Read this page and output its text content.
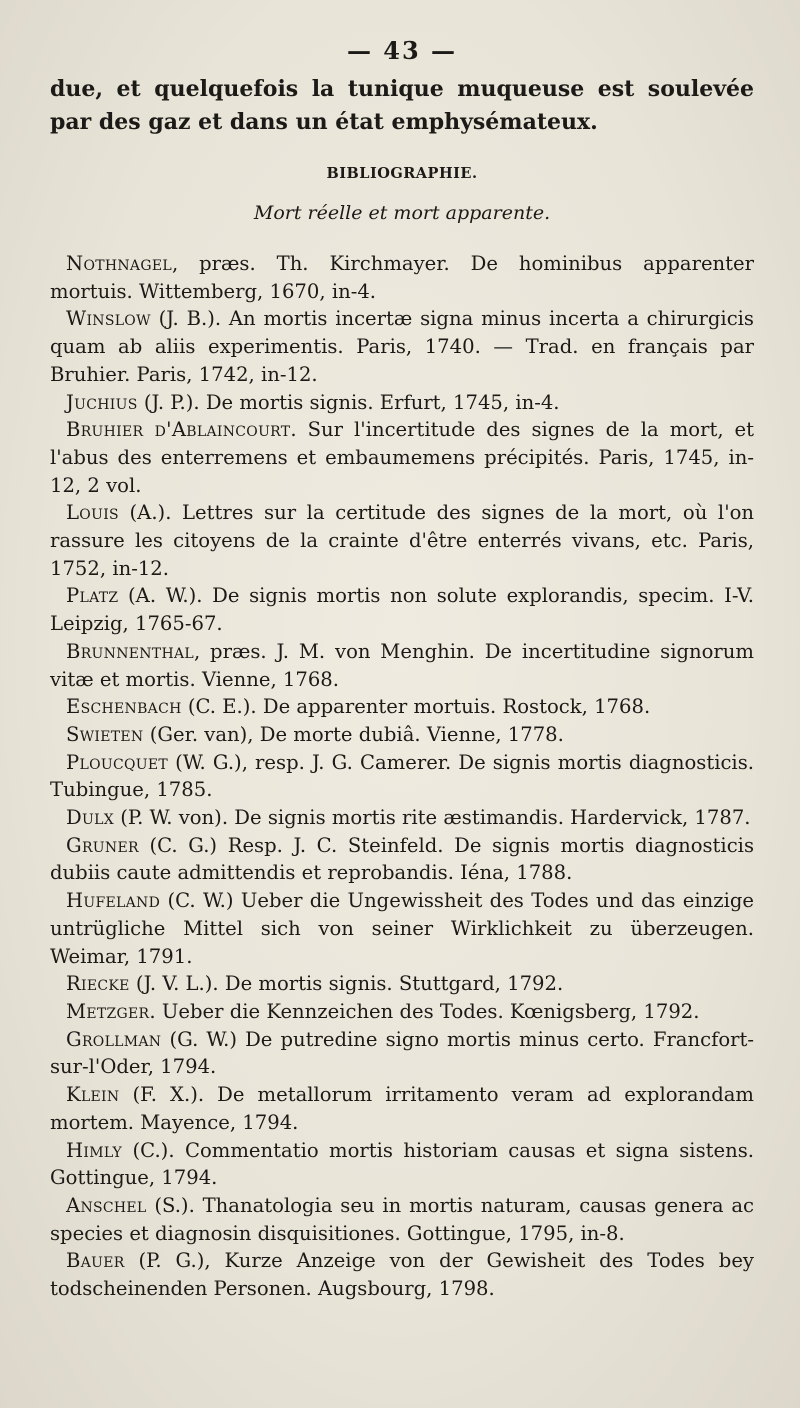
— 43 —

due, et quelquefois la tunique muqueuse est soulevée par des gaz et dans un état emphysémateux.

BIBLIOGRAPHIE.
Mort réelle et mort apparente.
Nothnagel, præs. Th. Kirchmayer. De hominibus apparenter mortuis. Wittemberg, 1670, in-4.
Winslow (J. B.). An mortis incertæ signa minus incerta a chirurgicis quam ab aliis experimentis. Paris, 1740. — Trad. en français par Bruhier. Paris, 1742, in-12.
Juchius (J. P.). De mortis signis. Erfurt, 1745, in-4.
Bruhier d'Ablaincourt. Sur l'incertitude des signes de la mort, et l'abus des enterremens et embaumemens précipités. Paris, 1745, in-12, 2 vol.
Louis (A.). Lettres sur la certitude des signes de la mort, où l'on rassure les citoyens de la crainte d'être enterrés vivans, etc. Paris, 1752, in-12.
Platz (A. W.). De signis mortis non solute explorandis, specim. I-V. Leipzig, 1765-67.
Brunnenthal, præs. J. M. von Menghin. De incertitudine signorum vitæ et mortis. Vienne, 1768.
Eschenbach (C. E.). De apparenter mortuis. Rostock, 1768.
Swieten (Ger. van), De morte dubiâ. Vienne, 1778.
Ploucquet (W. G.), resp. J. G. Camerer. De signis mortis diagnosticis. Tubingue, 1785.
Dulx (P. W. von). De signis mortis rite æstimandis. Hardervick, 1787.
Gruner (C. G.) Resp. J. C. Steinfeld. De signis mortis diagnosticis dubiis caute admittendis et reprobandis. Iéna, 1788.
Hufeland (C. W.) Ueber die Ungewissheit des Todes und das einzige untrügliche Mittel sich von seiner Wirklichkeit zu überzeugen. Weimar, 1791.
Riecke (J. V. L.). De mortis signis. Stuttgard, 1792.
Metzger. Ueber die Kennzeichen des Todes. Kœnigsberg, 1792.
Grollman (G. W.) De putredine signo mortis minus certo. Francfort-sur-l'Oder, 1794.
Klein (F. X.). De metallorum irritamento veram ad explorandam mortem. Mayence, 1794.
Himly (C.). Commentatio mortis historiam causas et signa sistens. Gottingue, 1794.
Anschel (S.). Thanatologia seu in mortis naturam, causas genera ac species et diagnosin disquisitiones. Gottingue, 1795, in-8.
Bauer (P. G.), Kurze Anzeige von der Gewisheit des Todes bey todscheinenden Personen. Augsbourg, 1798.
